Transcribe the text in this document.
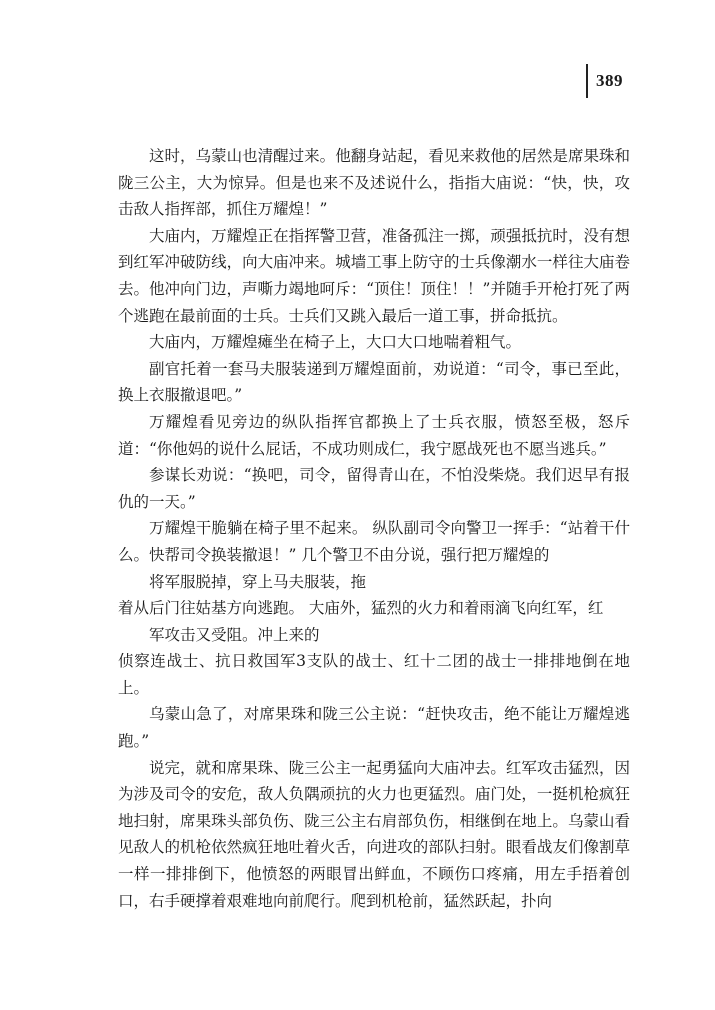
389

这时，乌蒙山也清醒过来。他翻身站起，看见来救他的居然是席果珠和陇三公主，大为惊异。但是也来不及述说什么，指指大庙说：“快，快，攻击敌人指挥部，抓住万耀煌！”

大庙内，万耀煌正在指挥警卫营，准备孤注一掷，顽强抵抗时，没有想到红军冲破防线，向大庙冲来。城墙工事上防守的士兵像潮水一样往大庙卷去。他冲向门边，声嘶力竭地呵斥：“顶住！顶住！！”并随手开枪打死了两个逃跑在最前面的士兵。士兵们又跳入最后一道工事，拼命抵抗。

大庙内，万耀煌瘫坐在椅子上，大口大口地喘着粗气。

副官托着一套马夫服装递到万耀煌面前，劝说道：“司令，事已至此，换上衣服撤退吧。”

万耀煌看见旁边的纵队指挥官都换上了士兵衣服，愤怒至极，怒斥道：“你他妈的说什么屁话，不成功则成仁，我宁愿战死也不愿当逃兵。”

参谋长劝说：“换吧，司令，留得青山在，不怕没柴烧。我们迟早有报仇的一天。”

万耀煌干脆躺在椅子里不起来。 纵队副司令向警卫一挥手：“站着干什么。快帮司令换装撤退！” 几个警卫不由分说，强行把万耀煌的

将军服脱掉，穿上马夫服装，拖

着从后门往姑基方向逃跑。 大庙外，猛烈的火力和着雨滴飞向红军，红

军攻击又受阻。冲上来的

侦察连战士、抗日救国军3支队的战士、红十二团的战士一排排地倒在地上。

乌蒙山急了，对席果珠和陇三公主说：“赶快攻击，绝不能让万耀煌逃跑。”

说完，就和席果珠、陇三公主一起勇猛向大庙冲去。红军攻击猛烈，因为涉及司令的安危，敌人负隅顽抗的火力也更猛烈。庙门处，一挺机枪疯狂地扫射，席果珠头部负伤、陇三公主右肩部负伤，相继倒在地上。乌蒙山看见敌人的机枪依然疯狂地吐着火舌，向进攻的部队扫射。眼看战友们像割草一样一排排倒下，他愤怒的两眼冒出鲜血，不顾伤口疼痛，用左手捂着创口，右手硬撑着艰难地向前爬行。爬到机枪前，猛然跃起，扑向
